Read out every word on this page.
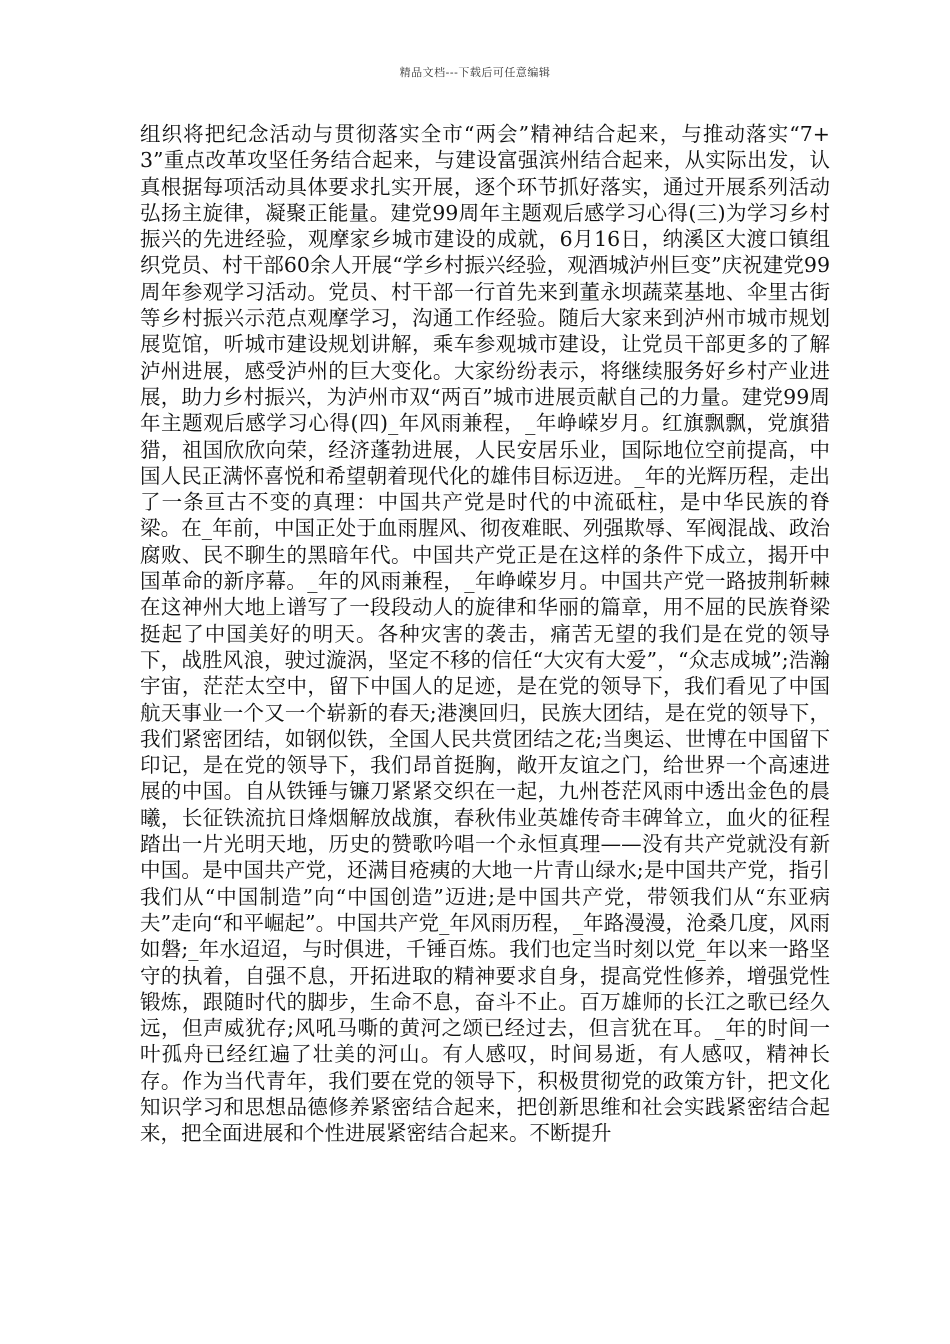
精品文档---下载后可任意编辑

组织将把纪念活动与贯彻落实全市“两会”精神结合起来，与推动落实“7+3”重点改革攻坚任务结合起来，与建设富强滨州结合起来，从实际出发，认真根据每项活动具体要求扎实开展，逐个环节抓好落实，通过开展系列活动弘扬主旋律，凝聚正能量。建党99周年主题观后感学习心得(三)为学习乡村振兴的先进经验，观摩家乡城市建设的成就，6月16日，纳溪区大渡口镇组织党员、村干部60余人开展“学乡村振兴经验，观酒城泸州巨变”庆祝建党99周年参观学习活动。党员、村干部一行首先来到董永坝蔬菜基地、伞里古街等乡村振兴示范点观摩学习，沟通工作经验。随后大家来到泸州市城市规划展览馆，听城市建设规划讲解，乘车参观城市建设，让党员干部更多的了解泸州进展，感受泸州的巨大变化。大家纷纷表示，将继续服务好乡村产业进展，助力乡村振兴，为泸州市双“两百”城市进展贡献自己的力量。建党99周年主题观后感学习心得(四)_年风雨兼程，_年峥嵘岁月。红旗飘飘，党旗猎猎，祖国欣欣向荣，经济蓬勃进展，人民安居乐业，国际地位空前提高，中国人民正满怀喜悦和希望朝着现代化的雄伟目标迈进。_年的光辉历程，走出了一条亘古不变的真理：中国共产党是时代的中流砥柱，是中华民族的脊梁。在_年前，中国正处于血雨腥风、彻夜难眠、列强欺辱、军阀混战、政治腐败、民不聊生的黑暗年代。中国共产党正是在这样的条件下成立，揭开中国革命的新序幕。_年的风雨兼程，_年峥嵘岁月。中国共产党一路披荆斩棘在这神州大地上谱写了一段段动人的旋律和华丽的篇章，用不屈的民族脊梁挺起了中国美好的明天。各种灾害的袭击，痛苦无望的我们是在党的领导下，战胜风浪，驶过漩涡，坚定不移的信任“大灾有大爱”，“众志成城”;浩瀚宇宙，茫茫太空中，留下中国人的足迹，是在党的领导下，我们看见了中国航天事业一个又一个崭新的春天;港澳回归，民族大团结，是在党的领导下，我们紧密团结，如钢似铁，全国人民共赏团结之花;当奥运、世博在中国留下印记，是在党的领导下，我们昂首挺胸，敞开友谊之门，给世界一个高速进展的中国。自从铁锤与镰刀紧紧交织在一起，九州苍茫风雨中透出金色的晨曦，长征铁流抗日烽烟解放战旗，春秋伟业英雄传奇丰碑耸立，血火的征程踏出一片光明天地，历史的赞歌吟唱一个永恒真理——没有共产党就没有新中国。是中国共产党，还满目疮痍的大地一片青山绿水;是中国共产党，指引我们从“中国制造”向“中国创造”迈进;是中国共产党，带领我们从“东亚病夫”走向“和平崛起”。中国共产党_年风雨历程，_年路漫漫，沧桑几度，风雨如磐;_年水迢迢，与时俱进，千锤百炼。我们也定当时刻以党_年以来一路坚守的执着，自强不息，开拓进取的精神要求自身，提高党性修养，增强党性锻炼，跟随时代的脚步，生命不息，奋斗不止。百万雄师的长江之歌已经久远，但声威犹存;风吼马嘶的黄河之颂已经过去，但言犹在耳。_年的时间一叶孤舟已经红遍了壮美的河山。有人感叹，时间易逝，有人感叹，精神长存。作为当代青年，我们要在党的领导下，积极贯彻党的政策方针，把文化知识学习和思想品德修养紧密结合起来，把创新思维和社会实践紧密结合起来，把全面进展和个性进展紧密结合起来。不断提升
